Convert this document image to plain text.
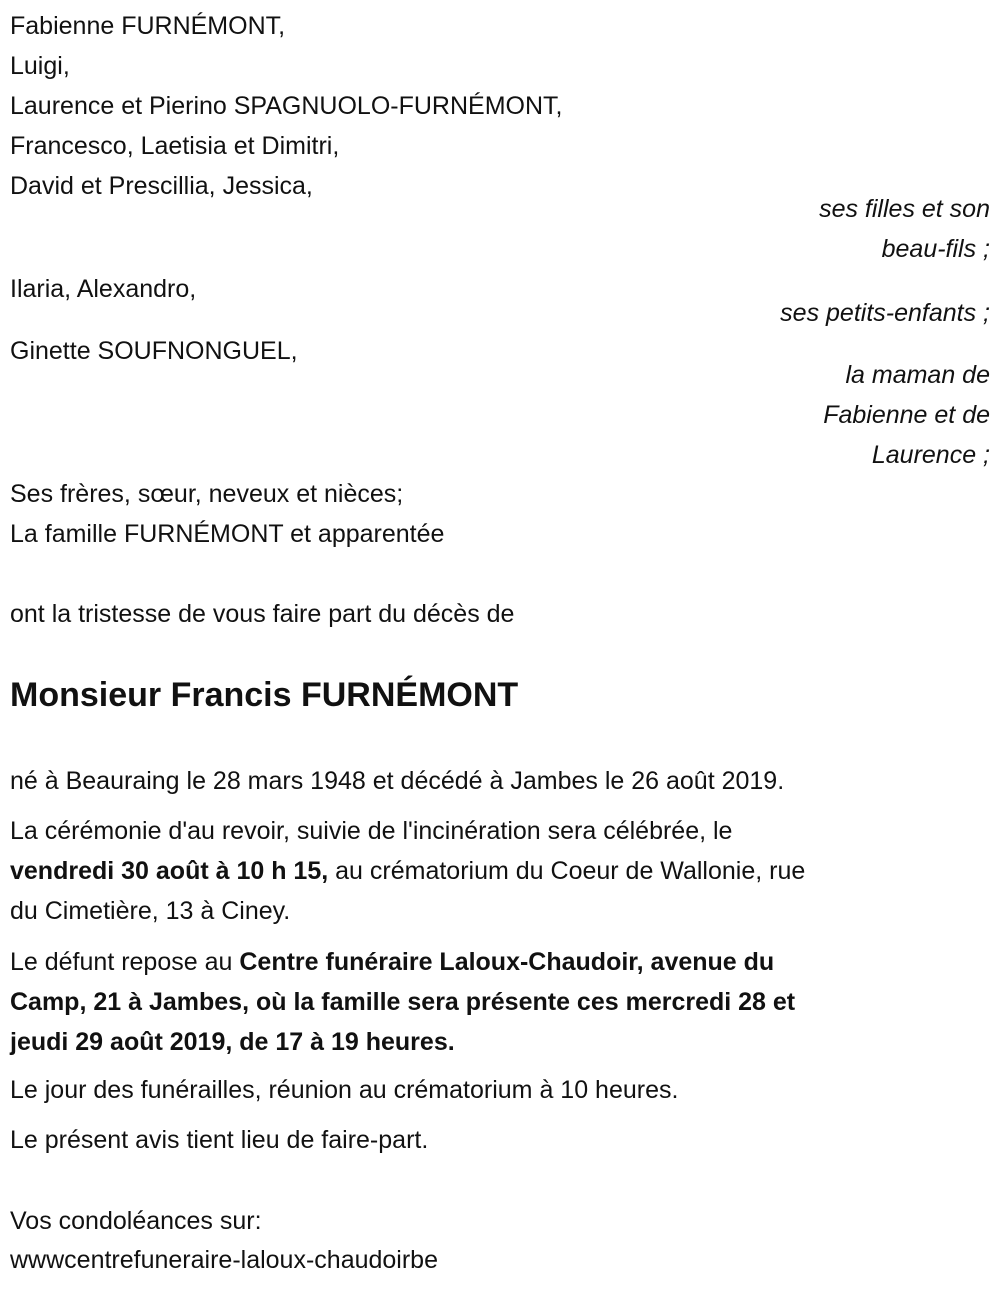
Fabienne FURNÉMONT,
Luigi,
Laurence et Pierino SPAGNUOLO-FURNÉMONT,
Francesco, Laetisia et Dimitri,
David et Prescillia, Jessica,
ses filles et son
beau-fils ;
Ilaria, Alexandro,
ses petits-enfants ;
Ginette SOUFNONGUEL,
la maman de
Fabienne et de
Laurence ;
Ses frères, sœur, neveux et nièces;
La famille FURNÉMONT et apparentée
ont la tristesse de vous faire part du décès de
Monsieur Francis FURNÉMONT
né à Beauraing le 28 mars 1948 et décédé à Jambes le 26 août 2019.
La cérémonie d'au revoir, suivie de l'incinération sera célébrée, le
vendredi 30 août à 10 h 15, au crématorium du Coeur de Wallonie, rue
du Cimetière, 13 à Ciney.
Le défunt repose au Centre funéraire Laloux-Chaudoir, avenue du
Camp, 21 à Jambes, où la famille sera présente ces mercredi 28 et
jeudi 29 août 2019, de 17 à 19 heures.
Le jour des funérailles, réunion au crématorium à 10 heures.
Le présent avis tient lieu de faire-part.
Vos condoléances sur:
wwwcentrefuneraire-laloux-chaudoirbe
